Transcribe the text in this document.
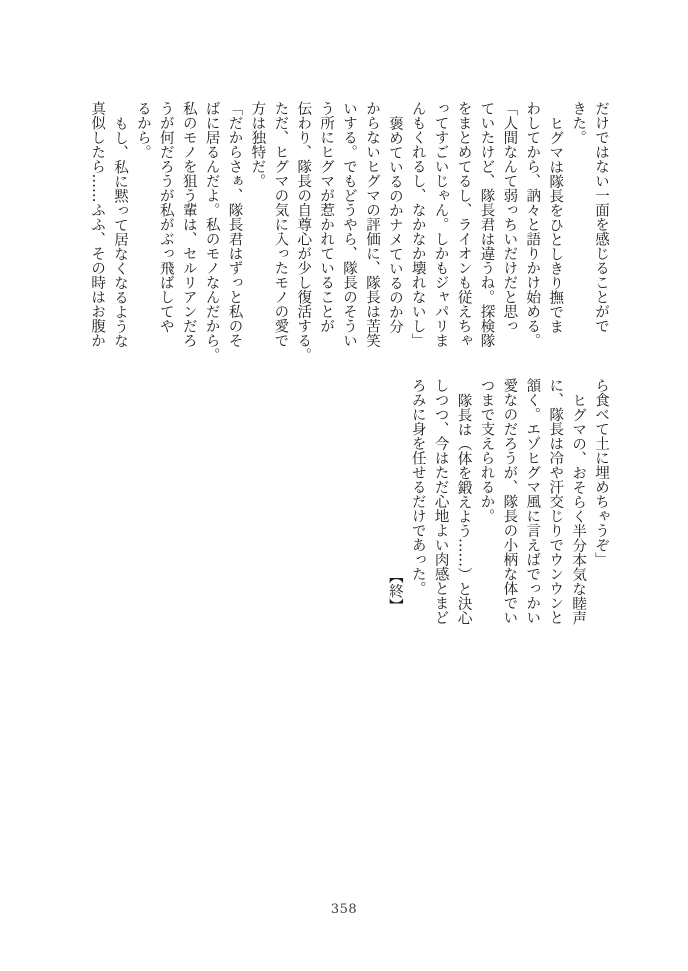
だけではない一面を感じることがで
きた。
ヒグマは隊長をひとしきり撫でま
わしてから、訥々と語りかけ始める。
「人間なんて弱っちいだけだと思っ
ていたけど、隊長君は違うね。探検隊
をまとめてるし、ライオンも従えちゃ
ってすごいじゃん。しかもジャパリま
んもくれるし、なかなか壊れないし」
褒めているのかナメているのか分
からないヒグマの評価に、隊長は苦笑
いする。でもどうやら、隊長のそうい
う所にヒグマが惹かれていることが
伝わり、隊長の自尊心が少し復活する。
ただ、ヒグマの気に入ったモノの愛で
方は独特だ。
「だからさぁ、隊長君はずっと私のそ
ばに居るんだよ。私のモノなんだから。
私のモノを狙う輩は、セルリアンだろ
うが何だろうが私がぶっ飛ばしてや
るから。
もし、私に黙って居なくなるような
真似したら……ふふ、その時はお腹か
ら食べて土に埋めちゃうぞ」
ヒグマの、おそらく半分本気な睦声
に、隊長は冷や汗交じりでウンウンと
頷く。エゾヒグマ風に言えばでっかい
愛なのだろうが、隊長の小柄な体でい
つまで支えられるか。
隊長は（体を鍛えよう……）と決心
しつつ、今はただ心地よい肉感とまど
ろみに身を任せるだけであった。
【終】
358
